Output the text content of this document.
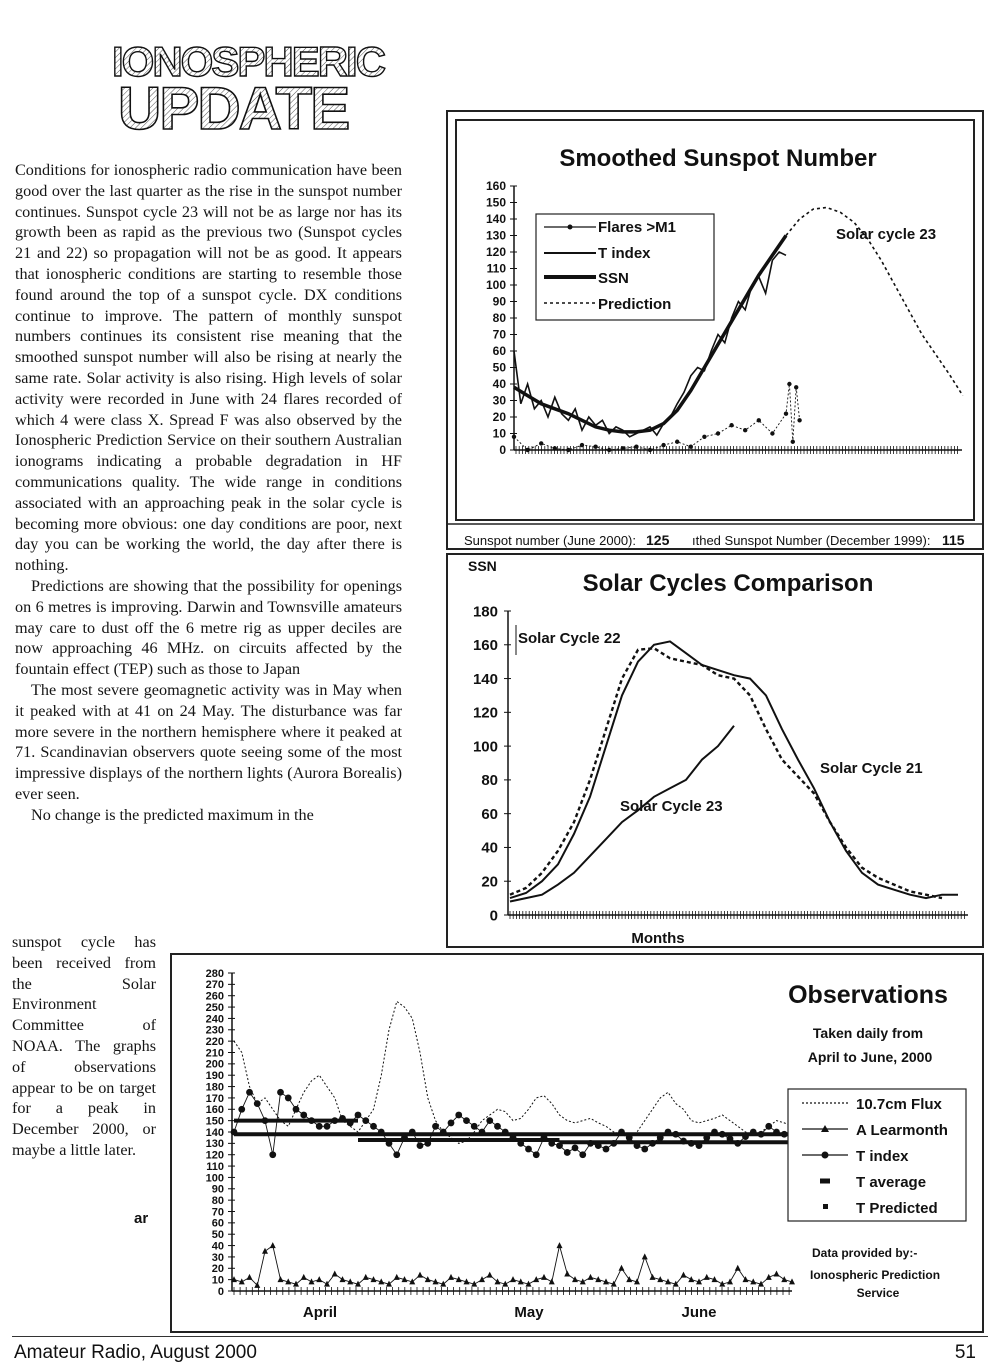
IONOSPHERIC
UPDATE

Conditions for ionospheric radio communication have been good over the last quarter as the rise in the sunspot number continues. Sunspot cycle 23 will not be as large nor has its growth been as rapid as the previous two (Sunspot cycles 21 and 22) so propagation will not be as good. It appears that ionospheric conditions are starting to resemble those found around the top of a sunspot cycle. DX conditions continue to improve. The pattern of monthly sunspot numbers continues its consistent rise meaning that the smoothed sunspot number will also be rising at nearly the same rate. Solar activity is also rising. High levels of solar activity were recorded in June with 24 flares recorded of which 4 were class X. Spread F was also observed by the Ionospheric Prediction Service on their southern Australian ionograms indicating a probable degradation in HF communications quality. The wide range in conditions associated with an approaching peak in the solar cycle is becoming more obvious: one day conditions are poor, next day you can be working the world, the day after there is nothing.

Predictions are showing that the possibility for openings on 6 metres is improving. Darwin and Townsville amateurs may care to dust off the 6 metre rig as upper deciles are now approaching 46 MHz. on circuits affected by the fountain effect (TEP) such as those to Japan

The most severe geomagnetic activity was in May when it peaked with at 41 on 24 May. The disturbance was far more severe in the northern hemisphere where it peaked at 71. Scandinavian observers quote seeing some of the most impressive displays of the northern lights (Aurora Borealis) ever seen.

No change is the predicted maximum in the

sunspot cycle has been received from the Solar Environment Committee of NOAA. The graphs of observations appear to be on target for a peak in December 2000, or maybe a little later.

ar
Smoothed Sunspot Number
160
150
140
130
120
110
100
90
80
70
60
50
40
30
20
10
0
Flares >M1
T index
SSN
Prediction
Solar cycle 23
Sunspot number (June 2000): 125 ıthed Sunspot Number (December 1999): 115
SSN
Solar Cycles Comparison
180
160
140
120
100
80
60
40
20
0
Months
Solar Cycle 22
Solar Cycle 21
Solar Cycle 23
280
270
260
250
240
230
220
210
200
190
180
170
160
150
140
130
120
110
100
90
80
70
60
50
40
30
20
10
0
April	May	June
Observations
Taken daily from
April to June, 2000
10.7cm Flux
A Learmonth
T index
T average
T Predicted
Data provided by:-
Ionospheric Prediction
Service
Amateur Radio, August 2000	51
